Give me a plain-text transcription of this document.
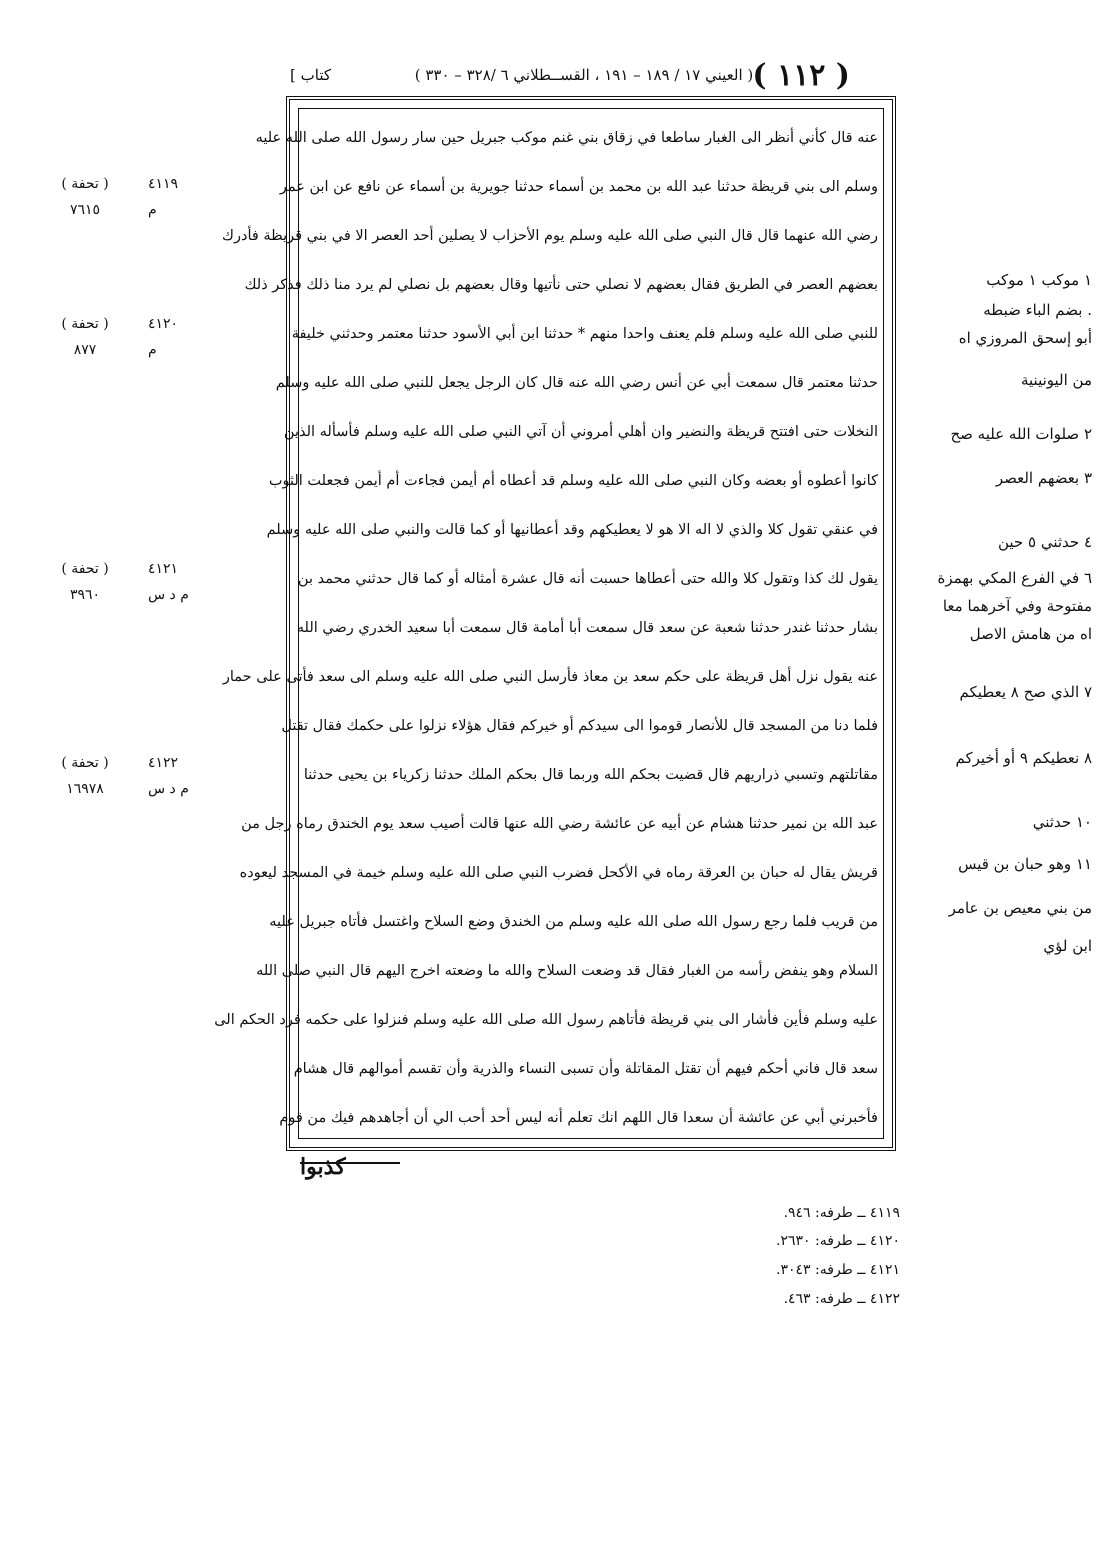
[ كتاب	( العيني ١٧ / ١٨٩ – ١٩١ ، القســطلاني ٦ /٣٢٨ – ٣٣٠ ) ( ١١٢ )
عنه قال كأني أنظر الى الغبار ساطعا في زقاق بني غنم موكب جبريل حين سار رسول الله صلى الله عليه
وسلم الى بني قريظة حدثنا عبد الله بن محمد بن أسماء حدثنا جويرية بن أسماء عن نافع عن ابن عمر
رضي الله عنهما قال قال النبي صلى الله عليه وسلم يوم الأحزاب لا يصلين أحد العصر الا في بني قريظة فأدرك
بعضهم العصر في الطريق فقال بعضهم لا نصلي حتى نأتيها وقال بعضهم بل نصلي لم يرد منا ذلك فذكر ذلك
للنبي صلى الله عليه وسلم فلم يعنف واحدا منهم * حدثنا ابن أبي الأسود حدثنا معتمر وحدثني خليفة
حدثنا معتمر قال سمعت أبي عن أنس رضي الله عنه قال كان الرجل يجعل للنبي صلى الله عليه وسلم
النخلات حتى افتتح قريظة والنضير وان أهلي أمروني أن آتي النبي صلى الله عليه وسلم فأسأله الذين
كانوا أعطوه أو بعضه وكان النبي صلى الله عليه وسلم قد أعطاه أم أيمن فجاءت أم أيمن فجعلت الثوب
في عنقي تقول كلا والذي لا اله الا هو لا يعطيكهم وقد أعطانيها أو كما قالت والنبي صلى الله عليه وسلم
يقول لك كذا وتقول كلا والله حتى أعطاها حسبت أنه قال عشرة أمثاله أو كما قال حدثني محمد بن
بشار حدثنا غندر حدثنا شعبة عن سعد قال سمعت أبا أمامة قال سمعت أبا سعيد الخدري رضي الله
عنه يقول نزل أهل قريظة على حكم سعد بن معاذ فأرسل النبي صلى الله عليه وسلم الى سعد فأتى على حمار
فلما دنا من المسجد قال للأنصار قوموا الى سيدكم أو خيركم فقال هؤلاء نزلوا على حكمك فقال تقتل
مقاتلتهم وتسبي ذراريهم قال قضيت بحكم الله وربما قال بحكم الملك حدثنا زكرياء بن يحيى حدثنا
عبد الله بن نمير حدثنا هشام عن أبيه عن عائشة رضي الله عنها قالت أصيب سعد يوم الخندق رماه رجل من
قريش يقال له حبان بن العرقة رماه في الأكحل فضرب النبي صلى الله عليه وسلم خيمة في المسجد ليعوده
من قريب فلما رجع رسول الله صلى الله عليه وسلم من الخندق وضع السلاح واغتسل فأتاه جبريل عليه
السلام وهو ينفض رأسه من الغبار فقال قد وضعت السلاح والله ما وضعته اخرج اليهم قال النبي صلى الله
عليه وسلم فأين فأشار الى بني قريظة فأتاهم رسول الله صلى الله عليه وسلم فنزلوا على حكمه فرد الحكم الى
سعد قال فاني أحكم فيهم أن تقتل المقاتلة وأن تسبى النساء والذرية وأن تقسم أموالهم قال هشام
فأخبرني أبي عن عائشة أن سعدا قال اللهم انك تعلم أنه ليس أحد أحب الي أن أجاهدهم فيك من قوم
٤١١٩
( تحفة )
م
٧٦١٥
٤١٢٠
( تحفة )
م
٨٧٧
٤١٢١
( تحفة )
م د س
٣٩٦٠
٤١٢٢
( تحفة )
م د س
١٦٩٧٨
١ موكب ١ موكب
. بضم الباء ضبطه
أبو إسحق المروزي اه
من اليونينية
٢ صلوات الله عليه صح
٣ بعضهم العصر
٤ حدثني ٥ حين
٦ في الفرع المكي بهمزة
مفتوحة وفي آخرهما معا
اه من هامش الاصل
٧ الذي صح ٨ يعطيكم
٨ نعطيكم ٩ أو أخيركم
١٠ حدثني
١١ وهو حبان بن قيس
من بني معيص بن عامر
ابن لؤي
كذبوا
٤١١٩ ــ طرفه: ٩٤٦.
٤١٢٠ ــ طرفه: ٢٦٣٠.
٤١٢١ ــ طرفه: ٣٠٤٣.
٤١٢٢ ــ طرفه: ٤٦٣.
